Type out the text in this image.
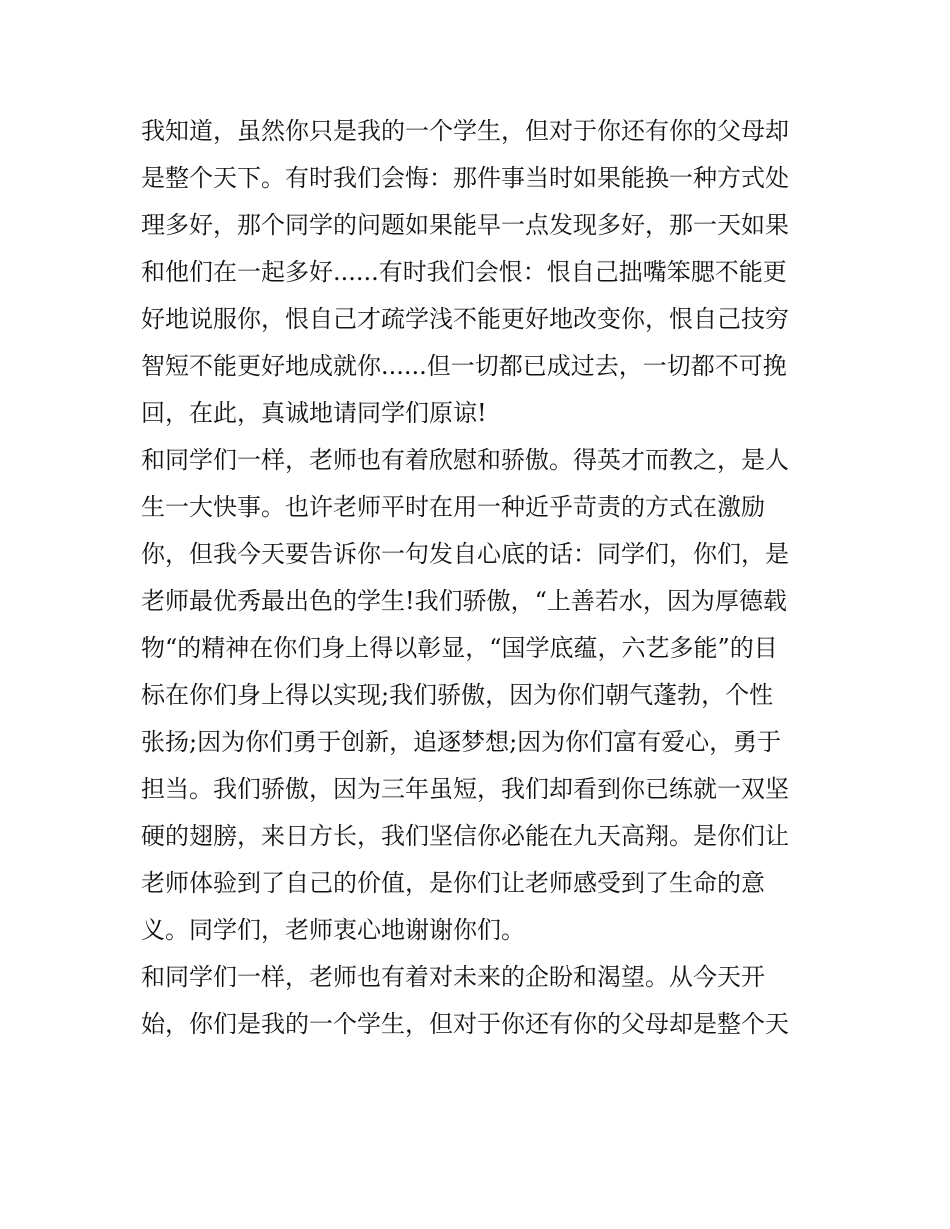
我知道，虽然你只是我的一个学生，但对于你还有你的父母却
是整个天下。有时我们会悔：那件事当时如果能换一种方式处
理多好，那个同学的问题如果能早一点发现多好，那一天如果
和他们在一起多好......有时我们会恨：恨自己拙嘴笨腮不能更
好地说服你，恨自己才疏学浅不能更好地改变你，恨自己技穷
智短不能更好地成就你......但一切都已成过去，一切都不可挽
回，在此，真诚地请同学们原谅!
和同学们一样，老师也有着欣慰和骄傲。得英才而教之，是人
生一大快事。也许老师平时在用一种近乎苛责的方式在激励
你，但我今天要告诉你一句发自心底的话：同学们，你们，是
老师最优秀最出色的学生!我们骄傲，“上善若水，因为厚德载
物“的精神在你们身上得以彰显，“国学底蕴，六艺多能”的目
标在你们身上得以实现;我们骄傲，因为你们朝气蓬勃，个性
张扬;因为你们勇于创新，追逐梦想;因为你们富有爱心，勇于
担当。我们骄傲，因为三年虽短，我们却看到你已练就一双坚
硬的翅膀，来日方长，我们坚信你必能在九天高翔。是你们让
老师体验到了自己的价值，是你们让老师感受到了生命的意
义。同学们，老师衷心地谢谢你们。
和同学们一样，老师也有着对未来的企盼和渴望。从今天开
始，你们是我的一个学生，但对于你还有你的父母却是整个天
